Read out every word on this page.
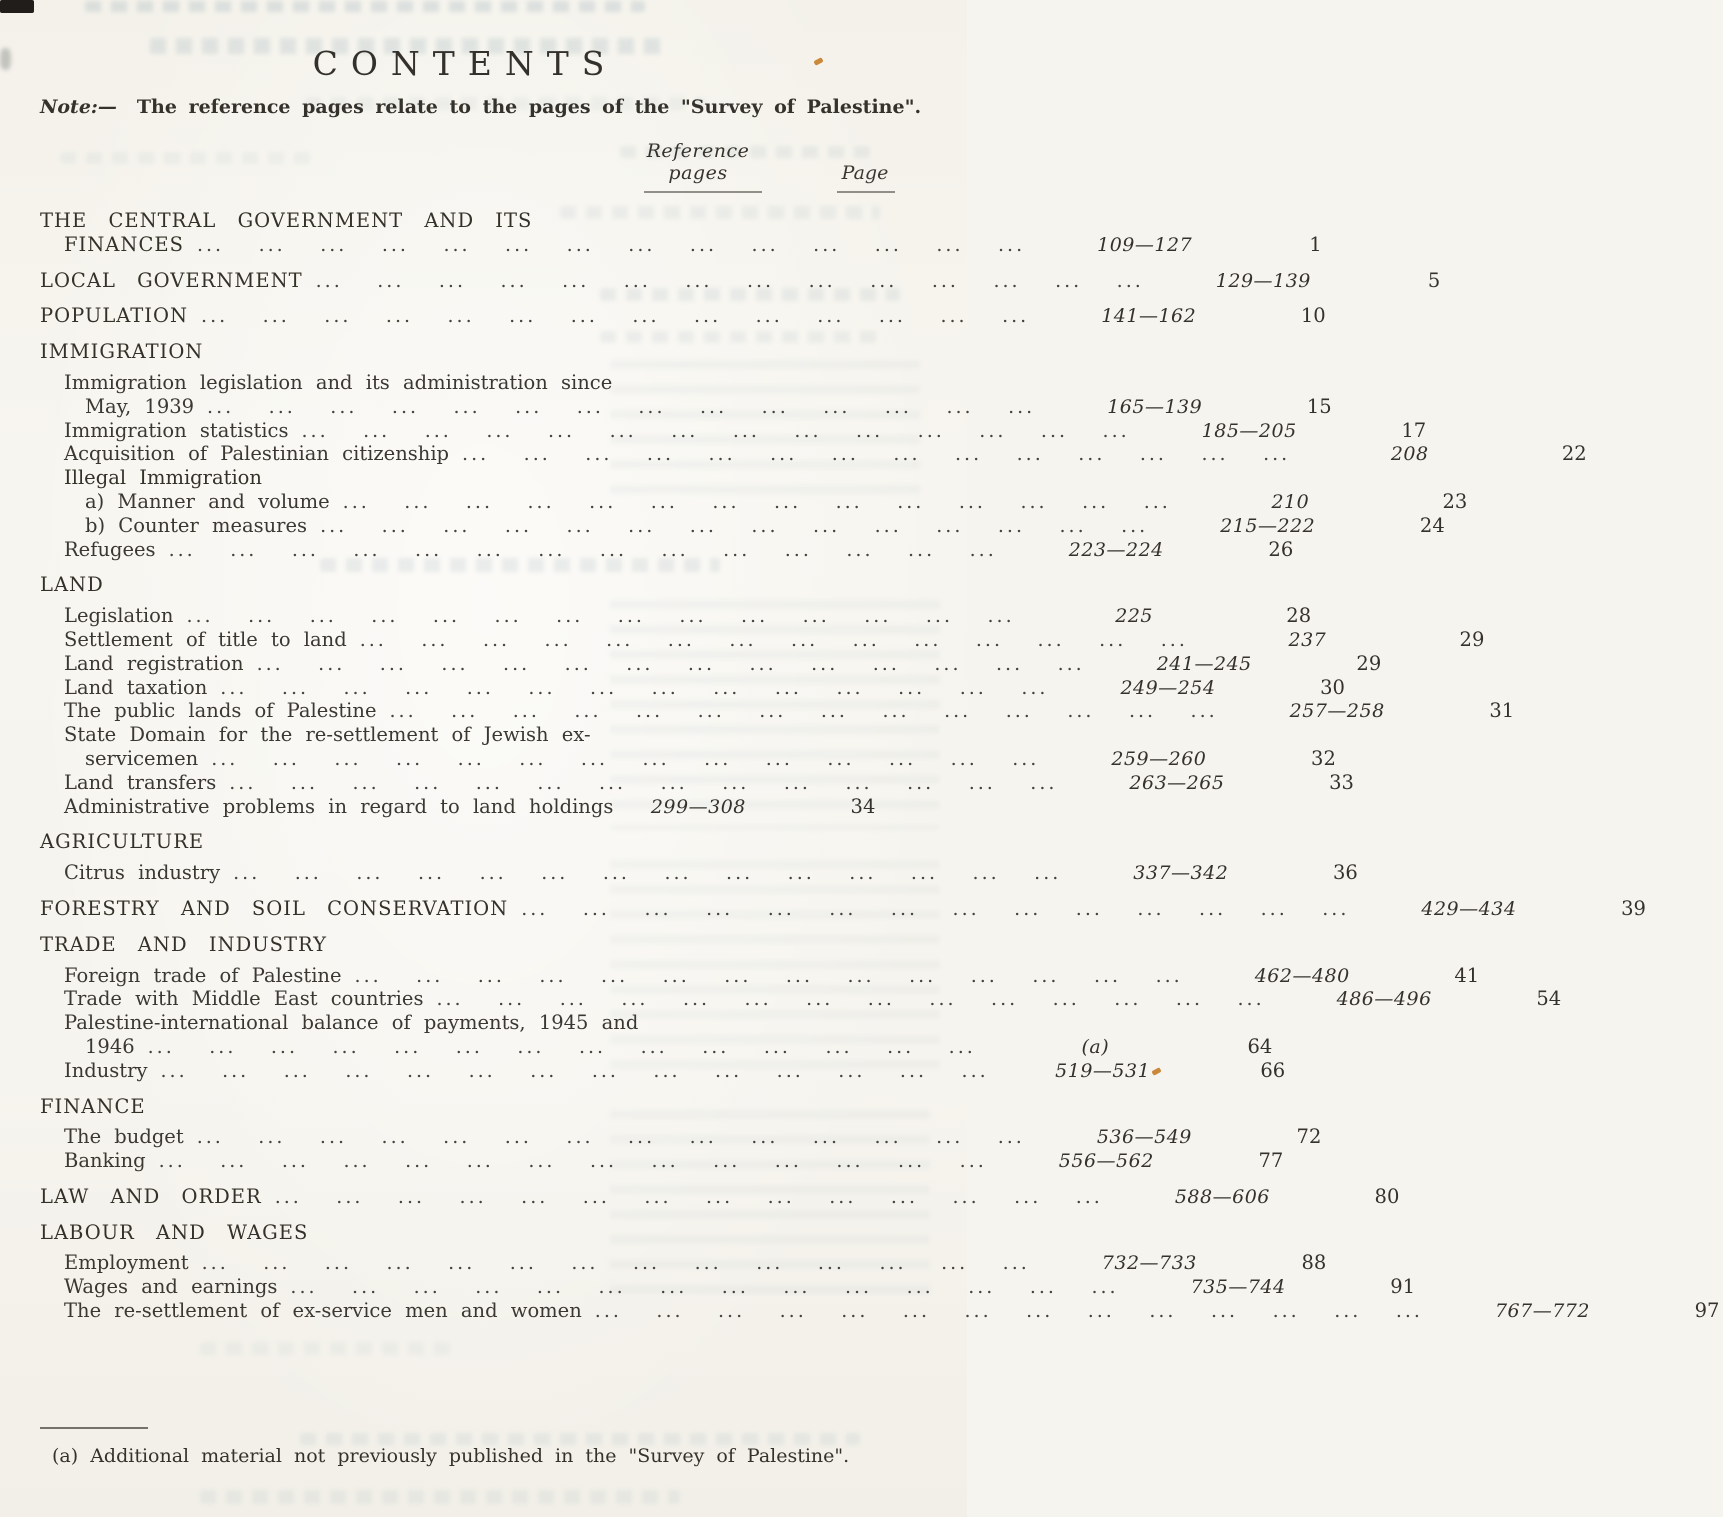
CONTENTS
Note:— The reference pages relate to the pages of the "Survey of Palestine".
Reference
pages	Page
THE CENTRAL GOVERNMENT AND ITS
FINANCES ...  ...  ...  ...  ...  ...  ...  ...  ...  ...  ...  ...  ...  ...  	109—127	1
LOCAL GOVERNMENT ...  ...  ...  ...  ...  ...  ...  ...  ...  ...  ...  ...  ...  ...  	129—139	5
POPULATION ...  ...  ...  ...  ...  ...  ...  ...  ...  ...  ...  ...  ...  ...  	141—162	10
IMMIGRATION
Immigration legislation and its administration since
May, 1939 ...  ...  ...  ...  ...  ...  ...  ...  ...  ...  ...  ...  ...  ...  	165—139	15
Immigration statistics ...  ...  ...  ...  ...  ...  ...  ...  ...  ...  ...  ...  ...  ...  	185—205	17
Acquisition of Palestinian citizenship ...  ...  ...  ...  ...  ...  ...  ...  ...  ...  ...  ...  ...  ...  	208	22
Illegal Immigration
a) Manner and volume ...  ...  ...  ...  ...  ...  ...  ...  ...  ...  ...  ...  ...  ...  	210	23
b) Counter measures ...  ...  ...  ...  ...  ...  ...  ...  ...  ...  ...  ...  ...  ...  	215—222	24
Refugees ...  ...  ...  ...  ...  ...  ...  ...  ...  ...  ...  ...  ...  ...  	223—224	26
LAND
Legislation ...  ...  ...  ...  ...  ...  ...  ...  ...  ...  ...  ...  ...  ...  	225	28
Settlement of title to land ...  ...  ...  ...  ...  ...  ...  ...  ...  ...  ...  ...  ...  ...  	237	29
Land registration ...  ...  ...  ...  ...  ...  ...  ...  ...  ...  ...  ...  ...  ...  	241—245	29
Land taxation ...  ...  ...  ...  ...  ...  ...  ...  ...  ...  ...  ...  ...  ...  	249—254	30
The public lands of Palestine ...  ...  ...  ...  ...  ...  ...  ...  ...  ...  ...  ...  ...  ...  	257—258	31
State Domain for the re-settlement of Jewish ex-
servicemen ...  ...  ...  ...  ...  ...  ...  ...  ...  ...  ...  ...  ...  ...  	259—260	32
Land transfers ...  ...  ...  ...  ...  ...  ...  ...  ...  ...  ...  ...  ...  ...  	263—265	33
Administrative problems in regard to land holdings	299—308	34
AGRICULTURE
Citrus industry ...  ...  ...  ...  ...  ...  ...  ...  ...  ...  ...  ...  ...  ...  	337—342	36
FORESTRY AND SOIL CONSERVATION ...  ...  ...  ...  ...  ...  ...  ...  ...  ...  ...  ...  ...  ...  	429—434	39
TRADE AND INDUSTRY
Foreign trade of Palestine ...  ...  ...  ...  ...  ...  ...  ...  ...  ...  ...  ...  ...  ...  	462—480	41
Trade with Middle East countries ...  ...  ...  ...  ...  ...  ...  ...  ...  ...  ...  ...  ...  ...  	486—496	54
Palestine-international balance of payments, 1945 and
1946 ...  ...  ...  ...  ...  ...  ...  ...  ...  ...  ...  ...  ...  ...  	(a)	64
Industry ...  ...  ...  ...  ...  ...  ...  ...  ...  ...  ...  ...  ...  ...  	519—531	66
FINANCE
The budget ...  ...  ...  ...  ...  ...  ...  ...  ...  ...  ...  ...  ...  ...  	536—549	72
Banking ...  ...  ...  ...  ...  ...  ...  ...  ...  ...  ...  ...  ...  ...  	556—562	77
LAW AND ORDER ...  ...  ...  ...  ...  ...  ...  ...  ...  ...  ...  ...  ...  ...  	588—606	80
LABOUR AND WAGES
Employment ...  ...  ...  ...  ...  ...  ...  ...  ...  ...  ...  ...  ...  ...  	732—733	88
Wages and earnings ...  ...  ...  ...  ...  ...  ...  ...  ...  ...  ...  ...  ...  ...  	735—744	91
The re-settlement of ex-service men and women ...  ...  ...  ...  ...  ...  ...  ...  ...  ...  ...  ...  ...  ...  	767—772	97
(a) Additional material not previously published in the "Survey of Palestine".
